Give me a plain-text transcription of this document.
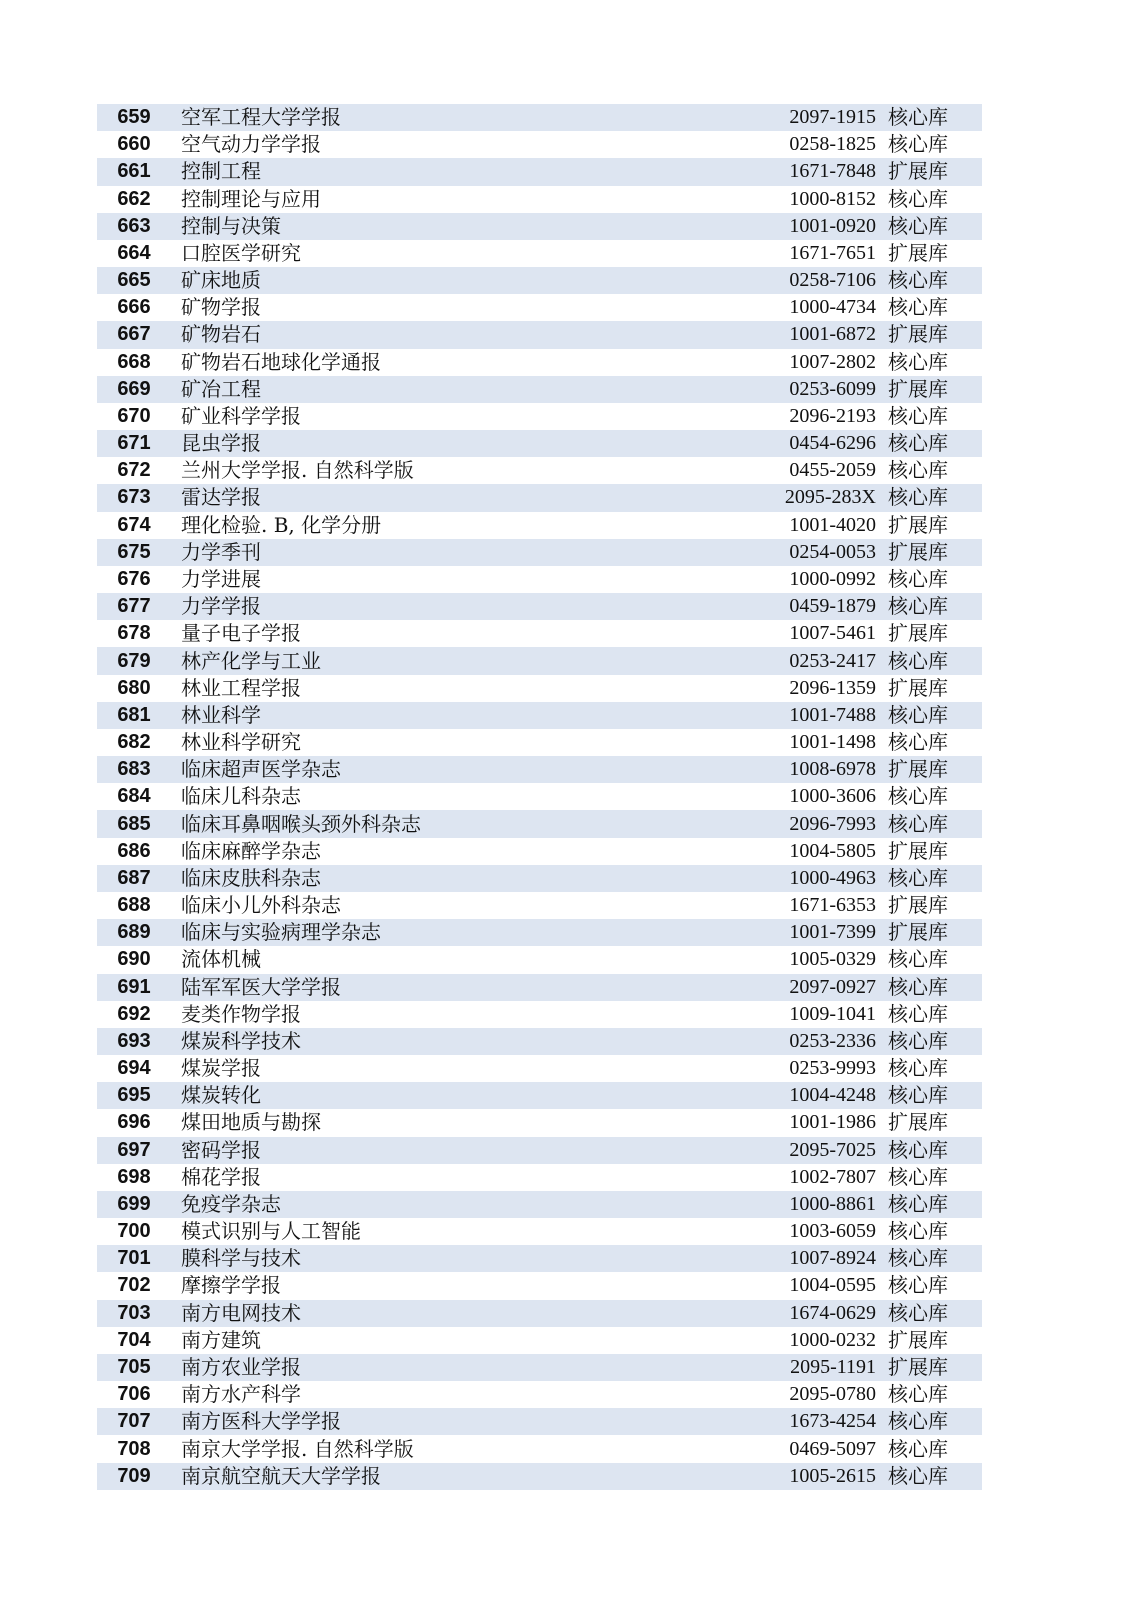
659	空军工程大学学报	2097-1915	核心库
660	空气动力学学报	0258-1825	核心库
661	控制工程	1671-7848	扩展库
662	控制理论与应用	1000-8152	核心库
663	控制与决策	1001-0920	核心库
664	口腔医学研究	1671-7651	扩展库
665	矿床地质	0258-7106	核心库
666	矿物学报	1000-4734	核心库
667	矿物岩石	1001-6872	扩展库
668	矿物岩石地球化学通报	1007-2802	核心库
669	矿冶工程	0253-6099	扩展库
670	矿业科学学报	2096-2193	核心库
671	昆虫学报	0454-6296	核心库
672	兰州大学学报. 自然科学版	0455-2059	核心库
673	雷达学报	2095-283X	核心库
674	理化检验. B, 化学分册	1001-4020	扩展库
675	力学季刊	0254-0053	扩展库
676	力学进展	1000-0992	核心库
677	力学学报	0459-1879	核心库
678	量子电子学报	1007-5461	扩展库
679	林产化学与工业	0253-2417	核心库
680	林业工程学报	2096-1359	扩展库
681	林业科学	1001-7488	核心库
682	林业科学研究	1001-1498	核心库
683	临床超声医学杂志	1008-6978	扩展库
684	临床儿科杂志	1000-3606	核心库
685	临床耳鼻咽喉头颈外科杂志	2096-7993	核心库
686	临床麻醉学杂志	1004-5805	扩展库
687	临床皮肤科杂志	1000-4963	核心库
688	临床小儿外科杂志	1671-6353	扩展库
689	临床与实验病理学杂志	1001-7399	扩展库
690	流体机械	1005-0329	核心库
691	陆军军医大学学报	2097-0927	核心库
692	麦类作物学报	1009-1041	核心库
693	煤炭科学技术	0253-2336	核心库
694	煤炭学报	0253-9993	核心库
695	煤炭转化	1004-4248	核心库
696	煤田地质与勘探	1001-1986	扩展库
697	密码学报	2095-7025	核心库
698	棉花学报	1002-7807	核心库
699	免疫学杂志	1000-8861	核心库
700	模式识别与人工智能	1003-6059	核心库
701	膜科学与技术	1007-8924	核心库
702	摩擦学学报	1004-0595	核心库
703	南方电网技术	1674-0629	核心库
704	南方建筑	1000-0232	扩展库
705	南方农业学报	2095-1191	扩展库
706	南方水产科学	2095-0780	核心库
707	南方医科大学学报	1673-4254	核心库
708	南京大学学报. 自然科学版	0469-5097	核心库
709	南京航空航天大学学报	1005-2615	核心库
